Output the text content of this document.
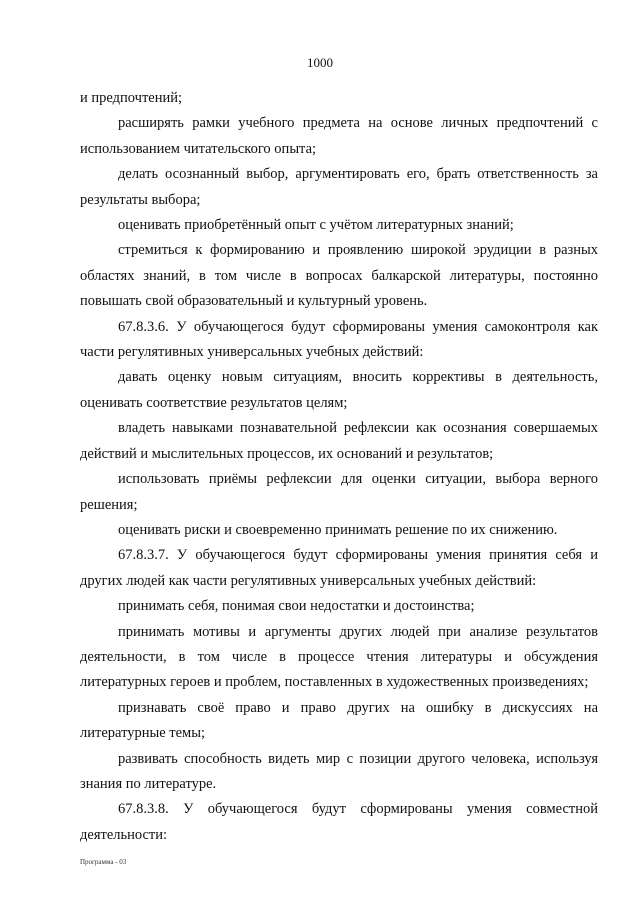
1000

и предпочтений;

расширять рамки учебного предмета на основе личных предпочтений с использованием читательского опыта;

делать осознанный выбор, аргументировать его, брать ответственность за результаты выбора;

оценивать приобретённый опыт с учётом литературных знаний;

стремиться к формированию и проявлению широкой эрудиции в разных областях знаний, в том числе в вопросах балкарской литературы, постоянно повышать свой образовательный и культурный уровень.

67.8.3.6. У обучающегося будут сформированы умения самоконтроля как части регулятивных универсальных учебных действий:

давать оценку новым ситуациям, вносить коррективы в деятельность, оценивать соответствие результатов целям;

владеть навыками познавательной рефлексии как осознания совершаемых действий и мыслительных процессов, их оснований и результатов;

использовать приёмы рефлексии для оценки ситуации, выбора верного решения;

оценивать риски и своевременно принимать решение по их снижению.

67.8.3.7. У обучающегося будут сформированы умения принятия себя и других людей как части регулятивных универсальных учебных действий:

принимать себя, понимая свои недостатки и достоинства;

принимать мотивы и аргументы других людей при анализе результатов деятельности, в том числе в процессе чтения литературы и обсуждения литературных героев и проблем, поставленных в художественных произведениях;

признавать своё право и право других на ошибку в дискуссиях на литературные темы;

развивать способность видеть мир с позиции другого человека, используя знания по литературе.

67.8.3.8. У обучающегося будут сформированы умения совместной деятельности:

Программа - 03
